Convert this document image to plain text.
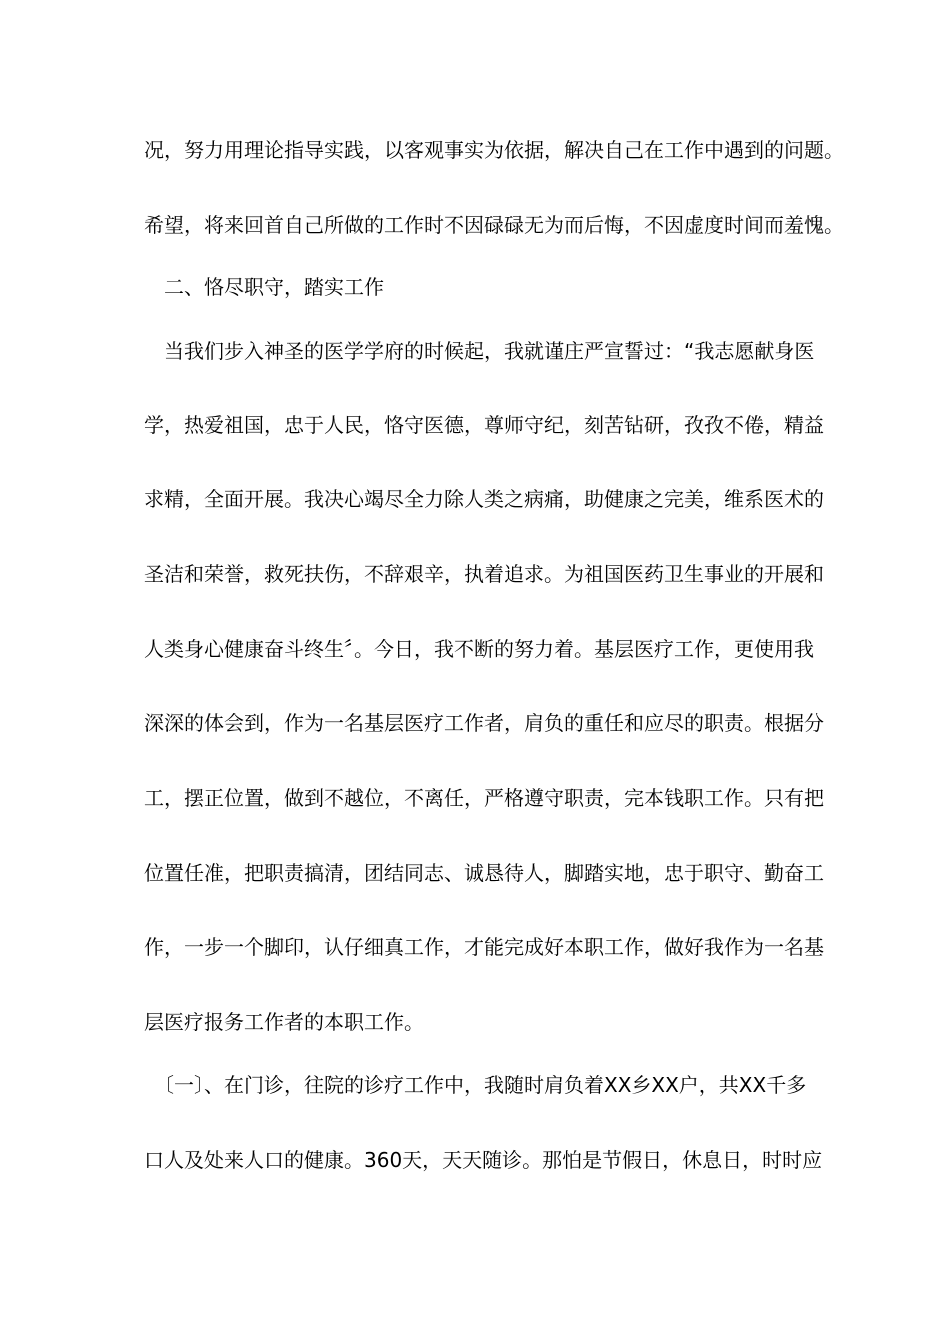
况，努力用理论指导实践，以客观事实为依据，解决自己在工作中遇到的问题。
希望，将来回首自己所做的工作时不因碌碌无为而后悔，不因虚度时间而羞愧。
　二、恪尽职守，踏实工作
　当我们步入神圣的医学学府的时候起，我就谨庄严宣誓过：“我志愿献身医
学，热爱祖国，忠于人民，恪守医德，尊师守纪，刻苦钻研，孜孜不倦，精益
求精，全面开展。我决心竭尽全力除人类之病痛，助健康之完美，维系医术的
圣洁和荣誉，救死扶伤，不辞艰辛，执着追求。为祖国医药卫生事业的开展和
人类身心健康奋斗终生〞。今日，我不断的努力着。基层医疗工作，更使用我
深深的体会到，作为一名基层医疗工作者，肩负的重任和应尽的职责。根据分
工，摆正位置，做到不越位，不离任，严格遵守职责，完本钱职工作。只有把
位置任准，把职责搞清，团结同志、诚恳待人，脚踏实地，忠于职守、勤奋工
作，一步一个脚印，认仔细真工作，才能完成好本职工作，做好我作为一名基
层医疗报务工作者的本职工作。
　〔一〕、在门诊，往院的诊疗工作中，我随时肩负着XX乡XX户，共XX千多
口人及处来人口的健康。360天，天天随诊。那怕是节假日，休息日，时时应
